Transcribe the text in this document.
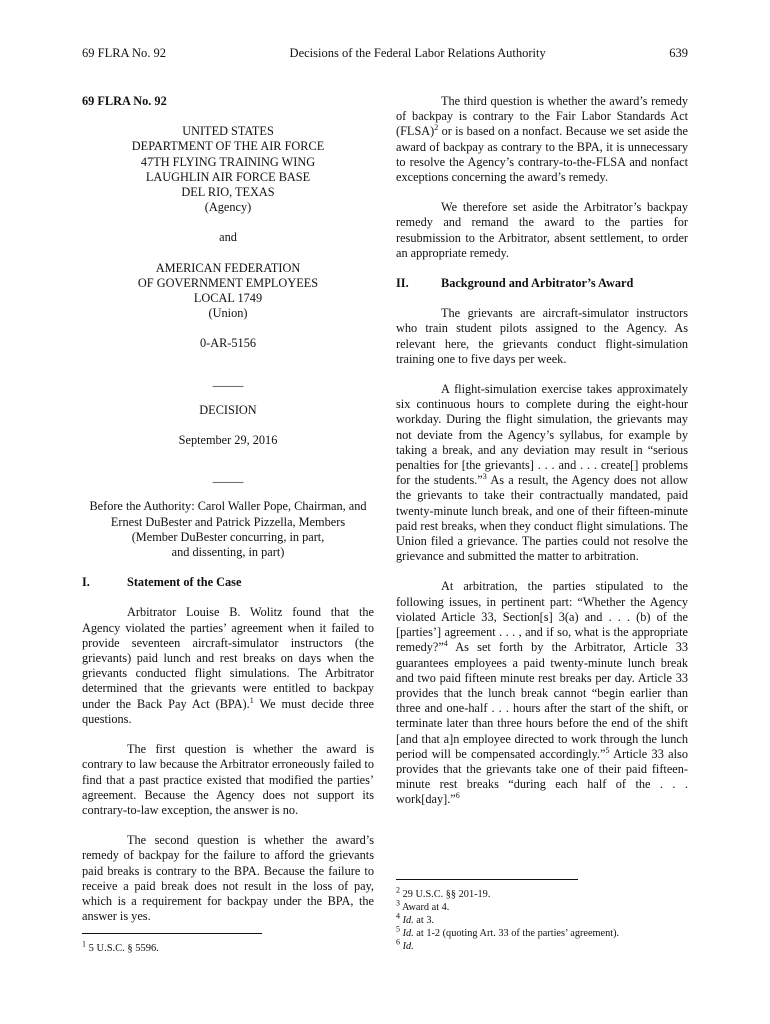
69 FLRA No. 92	Decisions of the Federal Labor Relations Authority	639

69 FLRA No. 92

UNITED STATES
DEPARTMENT OF THE AIR FORCE
47TH FLYING TRAINING WING
LAUGHLIN AIR FORCE BASE
DEL RIO, TEXAS
(Agency)

and

AMERICAN FEDERATION
OF GOVERNMENT EMPLOYEES
LOCAL 1749
(Union)

0-AR-5156

_____

DECISION

September 29, 2016

_____

Before the Authority: Carol Waller Pope, Chairman, and
Ernest DuBester and Patrick Pizzella, Members
(Member DuBester concurring, in part,
and dissenting, in part)
I.	Statement of the Case

Arbitrator Louise B. Wolitz found that the Agency violated the parties’ agreement when it failed to provide seventeen aircraft-simulator instructors (the grievants) paid lunch and rest breaks on days when the grievants conducted flight simulations. The Arbitrator determined that the grievants were entitled to backpay under the Back Pay Act (BPA).$^1$ We must decide three questions.

The first question is whether the award is contrary to law because the Arbitrator erroneously failed to find that a past practice existed that modified the parties’ agreement. Because the Agency does not support its contrary-to-law exception, the answer is no.

The second question is whether the award’s remedy of backpay for the failure to afford the grievants paid breaks is contrary to the BPA. Because the failure to receive a paid break does not result in the loss of pay, which is a requirement for backpay under the BPA, the answer is yes.

$^1$ 5 U.S.C. § 5596.

The third question is whether the award’s remedy of backpay is contrary to the Fair Labor Standards Act (FLSA)$^2$ or is based on a nonfact. Because we set aside the award of backpay as contrary to the BPA, it is unnecessary to resolve the Agency’s contrary-to-the-FLSA and nonfact exceptions concerning the award’s remedy.

We therefore set aside the Arbitrator’s backpay remedy and remand the award to the parties for resubmission to the Arbitrator, absent settlement, to order an appropriate remedy.

II.	Background and Arbitrator’s Award

The grievants are aircraft-simulator instructors who train student pilots assigned to the Agency. As relevant here, the grievants conduct flight-simulation training one to five days per week.

A flight-simulation exercise takes approximately six continuous hours to complete during the eight-hour workday. During the flight simulation, the grievants may not deviate from the Agency’s syllabus, for example by taking a break, and any deviation may result in “serious penalties for [the grievants] . . . and . . . create[] problems for the students.”$^3$ As a result, the Agency does not allow the grievants to take their contractually mandated, paid twenty-minute lunch break, and one of their fifteen-minute paid rest breaks, when they conduct flight simulations. The Union filed a grievance. The parties could not resolve the grievance and submitted the matter to arbitration.

At arbitration, the parties stipulated to the following issues, in pertinent part: “Whether the Agency violated Article 33, Section[s] 3(a) and . . . (b) of the [parties’] agreement . . . , and if so, what is the appropriate remedy?”$^4$ As set forth by the Arbitrator, Article 33 guarantees employees a paid twenty-minute lunch break and two paid fifteen minute rest breaks per day. Article 33 provides that the lunch break cannot “begin earlier than three and one-half . . . hours after the start of the shift, or terminate later than three hours before the end of the shift [and that a]n employee directed to work through the lunch period will be compensated accordingly.”$^5$ Article 33 also provides that the grievants take one of their paid fifteen-minute rest breaks “during each half of the . . . work[day].”$^6$

$^2$ 29 U.S.C. §§ 201-19.
$^3$ Award at 4.
$^4$ Id. at 3.
$^5$ Id. at 1-2 (quoting Art. 33 of the parties’ agreement).
$^6$ Id.
